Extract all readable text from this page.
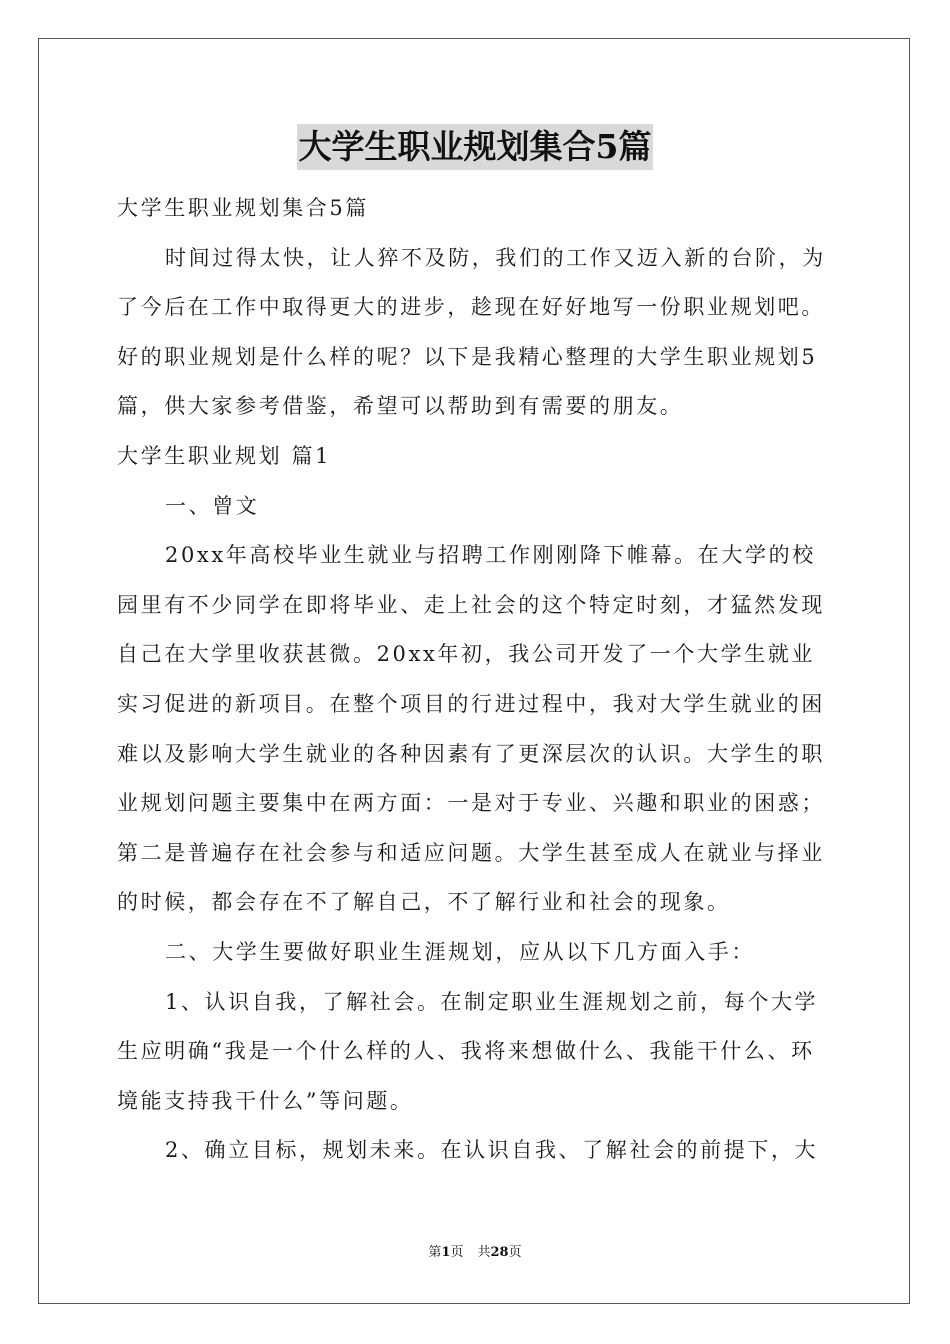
大学生职业规划集合5篇
大学生职业规划集合5篇
时间过得太快，让人猝不及防，我们的工作又迈入新的台阶，为
了今后在工作中取得更大的进步，趁现在好好地写一份职业规划吧。
好的职业规划是什么样的呢？以下是我精心整理的大学生职业规划5
篇，供大家参考借鉴，希望可以帮助到有需要的朋友。
大学生职业规划 篇1
一、曾文
20xx年高校毕业生就业与招聘工作刚刚降下帷幕。在大学的校
园里有不少同学在即将毕业、走上社会的这个特定时刻，才猛然发现
自己在大学里收获甚微。20xx年初，我公司开发了一个大学生就业
实习促进的新项目。在整个项目的行进过程中，我对大学生就业的困
难以及影响大学生就业的各种因素有了更深层次的认识。大学生的职
业规划问题主要集中在两方面：一是对于专业、兴趣和职业的困惑；
第二是普遍存在社会参与和适应问题。大学生甚至成人在就业与择业
的时候，都会存在不了解自己，不了解行业和社会的现象。
二、大学生要做好职业生涯规划，应从以下几方面入手：
1、认识自我，了解社会。在制定职业生涯规划之前，每个大学
生应明确“我是一个什么样的人、我将来想做什么、我能干什么、环
境能支持我干什么”等问题。
2、确立目标，规划未来。在认识自我、了解社会的前提下，大
第1页 共28页
